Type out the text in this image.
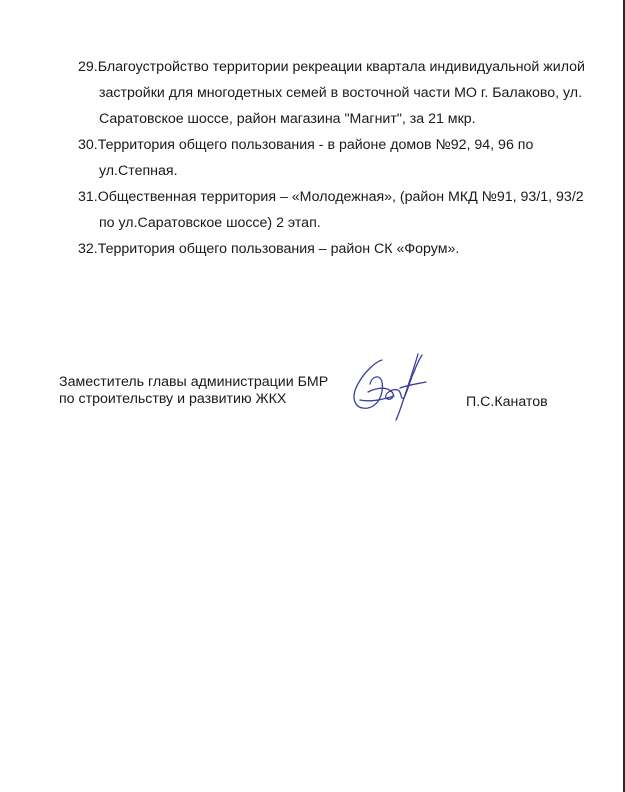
29.Благоустройство территории рекреации квартала индивидуальной жилой застройки для многодетных семей в восточной части МО г. Балаково, ул. Саратовское шоссе, район магазина "Магнит", за 21 мкр.
30.Территория общего пользования - в районе домов №92, 94, 96 по ул.Степная.
31.Общественная территория – «Молодежная», (район МКД №91, 93/1, 93/2 по ул.Саратовское шоссе) 2 этап.
32.Территория общего пользования – район СК «Форум».
Заместитель главы администрации БМР
по строительству и развитию ЖКХ	П.С.Канатов
